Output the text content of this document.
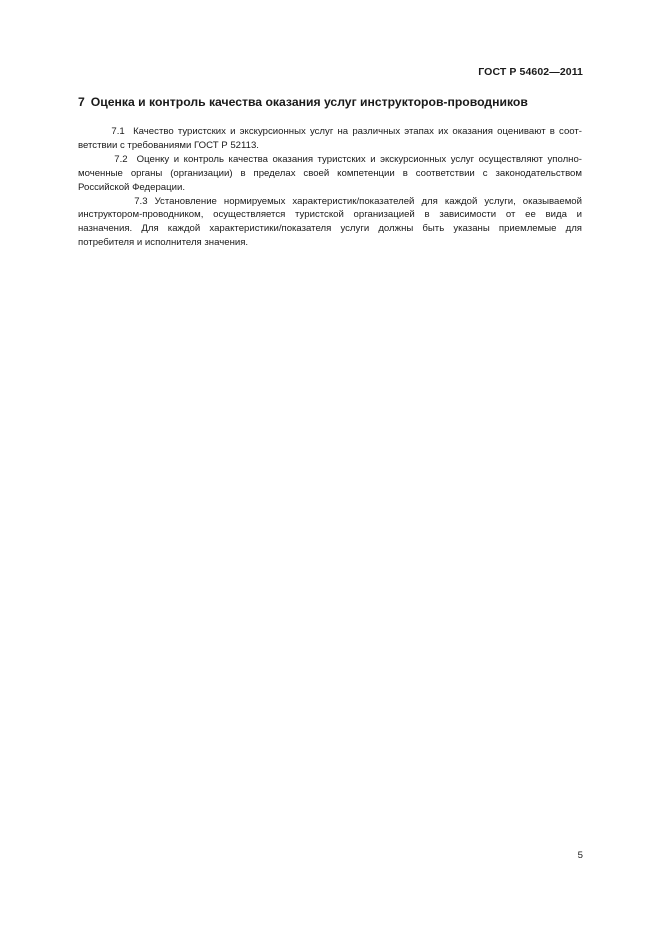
ГОСТ Р 54602—2011
7 Оценка и контроль качества оказания услуг инструкторов-проводников

7.1  Качество туристских и экскурсионных услуг на различных этапах их оказания оценивают в соот-
ветствии с требованиями ГОСТ Р 52113.

7.2  Оценку и контроль качества оказания туристских и экскурсионных услуг осуществляют уполно-
моченные органы (организации) в пределах своей компетенции в соответствии с законодательством
Российской Федерации.

7.3 Установление нормируемых характеристик/показателей для каждой услуги, оказываемой
инструктором-проводником, осуществляется туристской организацией в зависимости от ее вида и
назначения. Для каждой характеристики/показателя услуги должны быть указаны приемлемые для
потребителя и исполнителя значения.

5
